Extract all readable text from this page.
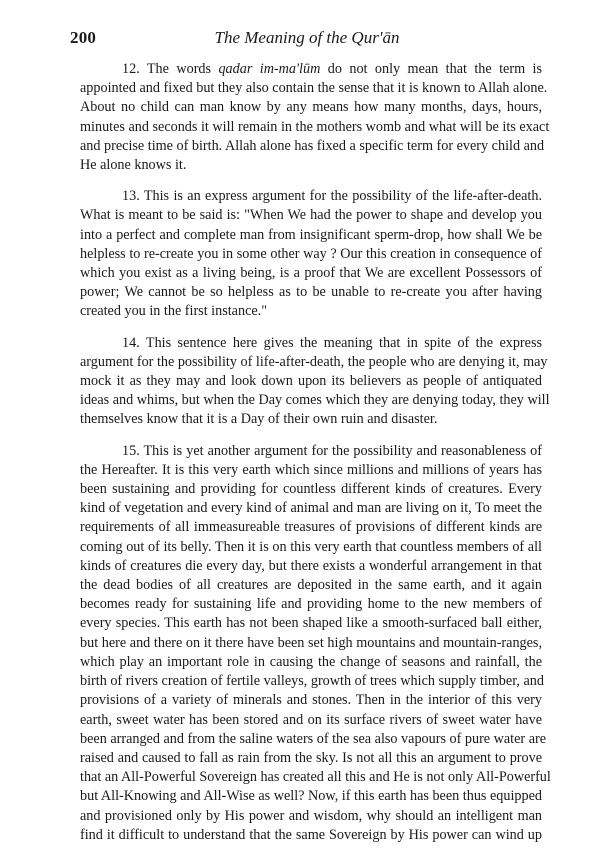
200	The Meaning of the Qur'ān
12. The words qadar im-ma'lūm do not only mean that the term is
appointed and fixed but they also contain the sense that it is known to Allah alone.
About no child can man know by any means how many months, days, hours,
minutes and seconds it will remain in the mothers womb and what will be its exact
and precise time of birth. Allah alone has fixed a specific term for every child and
He alone knows it.
13. This is an express argument for the possibility of the life-after-death.
What is meant to be said is: "When We had the power to shape and develop you
into a perfect and complete man from insignificant sperm-drop, how shall We be
helpless to re-create you in some other way ? Our this creation in consequence of
which you exist as a living being, is a proof that We are excellent Possessors of
power; We cannot be so helpless as to be unable to re-create you after having
created you in the first instance."
14. This sentence here gives the meaning that in spite of the express
argument for the possibility of life-after-death, the people who are denying it, may
mock it as they may and look down upon its believers as people of antiquated
ideas and whims, but when the Day comes which they are denying today, they will
themselves know that it is a Day of their own ruin and disaster.
15. This is yet another argument for the possibility and reasonableness of
the Hereafter. It is this very earth which since millions and millions of years has
been sustaining and providing for countless different kinds of creatures. Every
kind of vegetation and every kind of animal and man are living on it, To meet the
requirements of all immeasureable treasures of provisions of different kinds are
coming out of its belly. Then it is on this very earth that countless members of all
kinds of creatures die every day, but there exists a wonderful arrangement in that
the dead bodies of all creatures are deposited in the same earth, and it again
becomes ready for sustaining life and providing home to the new members of
every species. This earth has not been shaped like a smooth-surfaced ball either,
but here and there on it there have been set high mountains and mountain-ranges,
which play an important role in causing the change of seasons and rainfall, the
birth of rivers creation of fertile valleys, growth of trees which supply timber, and
provisions of a variety of minerals and stones. Then in the interior of this very
earth, sweet water has been stored and on its surface rivers of sweet water have
been arranged and from the saline waters of the sea also vapours of pure water are
raised and caused to fall as rain from the sky. Is not all this an argument to prove
that an All-Powerful Sovereign has created all this and He is not only All-Powerful
but All-Knowing and All-Wise as well? Now, if this earth has been thus equipped
and provisioned only by His power and wisdom, why should an intelligent man
find it difficult to understand that the same Sovereign by His power can wind up
